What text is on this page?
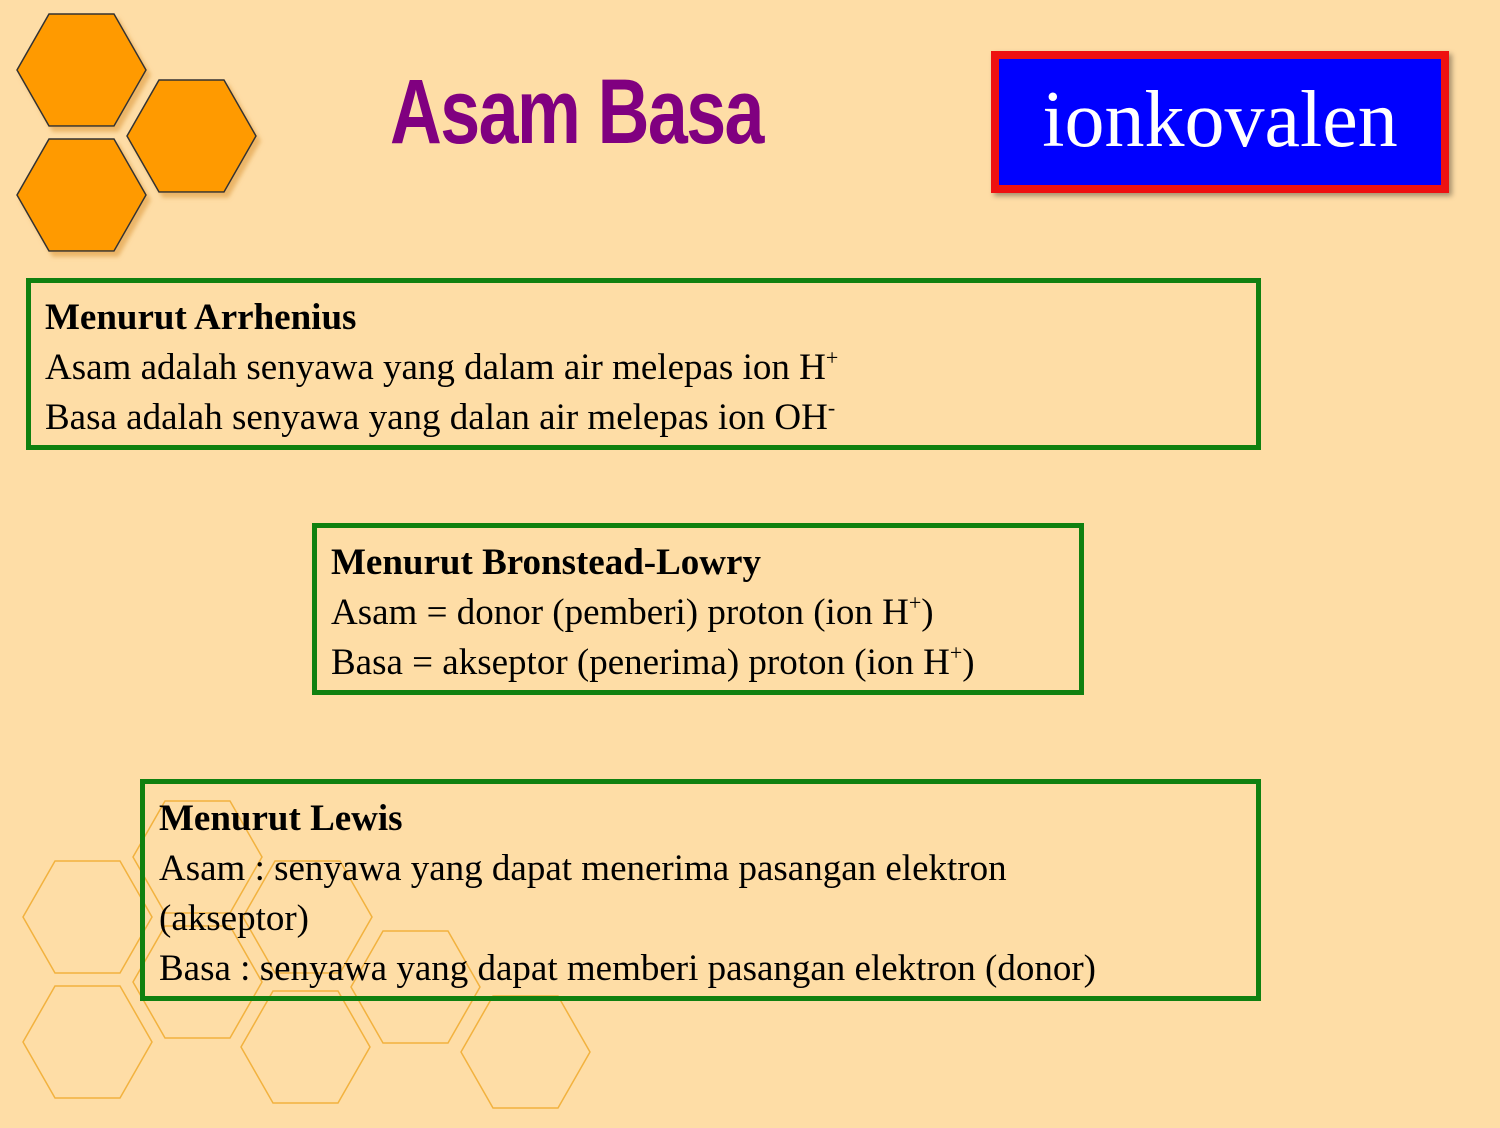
Asam Basa	ionkovalen
Menurut Arrhenius
Asam adalah senyawa yang dalam air melepas ion H+
Basa adalah senyawa yang dalan air melepas ion OH-
Menurut Bronstead-Lowry
Asam = donor (pemberi) proton (ion H+)
Basa = akseptor (penerima) proton (ion H+)
Menurut Lewis
Asam : senyawa yang dapat menerima pasangan elektron
(akseptor)
Basa : senyawa yang dapat memberi pasangan elektron (donor)
